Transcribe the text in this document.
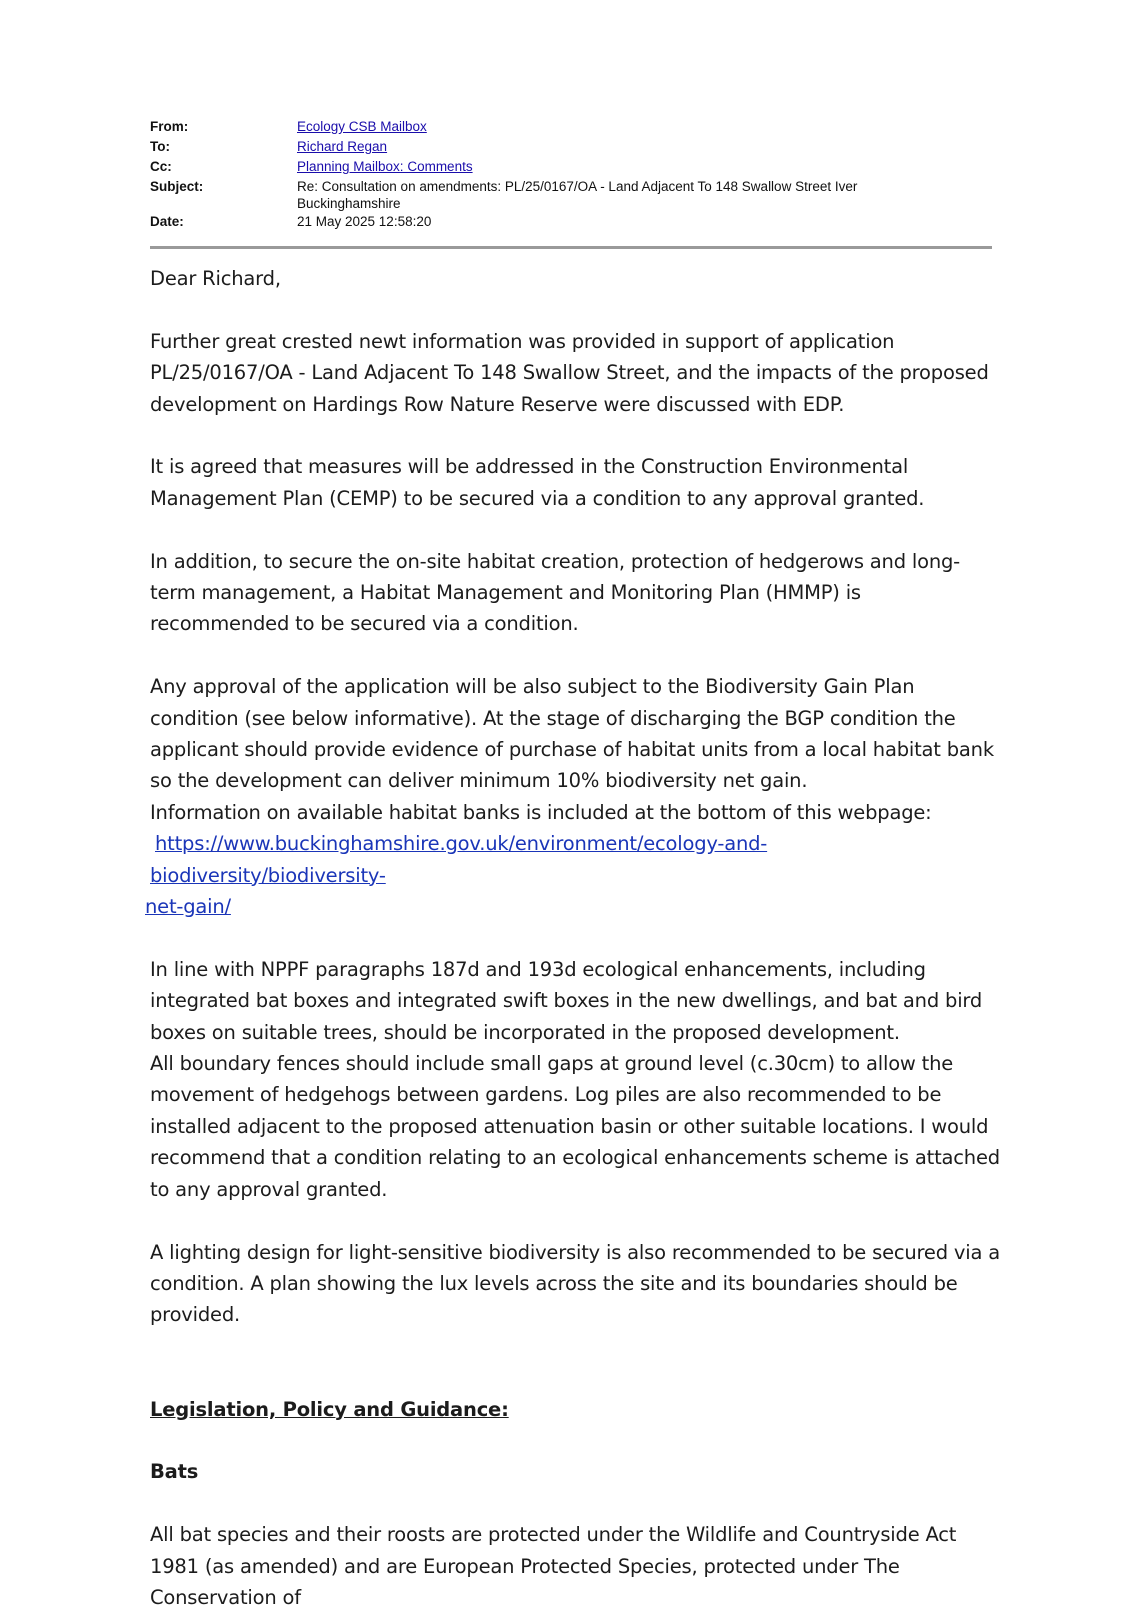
From:	Ecology CSB Mailbox
To:	Richard Regan
Cc:	Planning Mailbox: Comments
Subject:	Re: Consultation on amendments: PL/25/0167/OA - Land Adjacent To 148 Swallow Street Iver
Buckinghamshire
Date:	21 May 2025 12:58:20

Dear Richard,

Further great crested newt information was provided in support of application PL/25/0167/OA - Land Adjacent To 148 Swallow Street, and the impacts of the proposed development on Hardings Row Nature Reserve were discussed with EDP.

It is agreed that measures will be addressed in the Construction Environmental Management Plan (CEMP) to be secured via a condition to any approval granted.

In addition, to secure the on-site habitat creation, protection of hedgerows and long-term management, a Habitat Management and Monitoring Plan (HMMP) is recommended to be secured via a condition.

Any approval of the application will be also subject to the Biodiversity Gain Plan condition (see below informative). At the stage of discharging the BGP condition the applicant should provide evidence of purchase of habitat units from a local habitat bank so the development can deliver minimum 10% biodiversity net gain.

Information on available habitat banks is included at the bottom of this webpage:

https://www.buckinghamshire.gov.uk/environment/ecology-and-biodiversity/biodiversity-
net-gain/

In line with NPPF paragraphs 187d and 193d ecological enhancements, including integrated bat boxes and integrated swift boxes in the new dwellings, and bat and bird boxes on suitable trees, should be incorporated in the proposed development.

All boundary fences should include small gaps at ground level (c.30cm) to allow the movement of hedgehogs between gardens. Log piles are also recommended to be installed adjacent to the proposed attenuation basin or other suitable locations. I would recommend that a condition relating to an ecological enhancements scheme is attached to any approval granted.

A lighting design for light-sensitive biodiversity is also recommended to be secured via a condition. A plan showing the lux levels across the site and its boundaries should be provided.

Legislation, Policy and Guidance:

Bats

All bat species and their roosts are protected under the Wildlife and Countryside Act 1981 (as amended) and are European Protected Species, protected under The Conservation of
